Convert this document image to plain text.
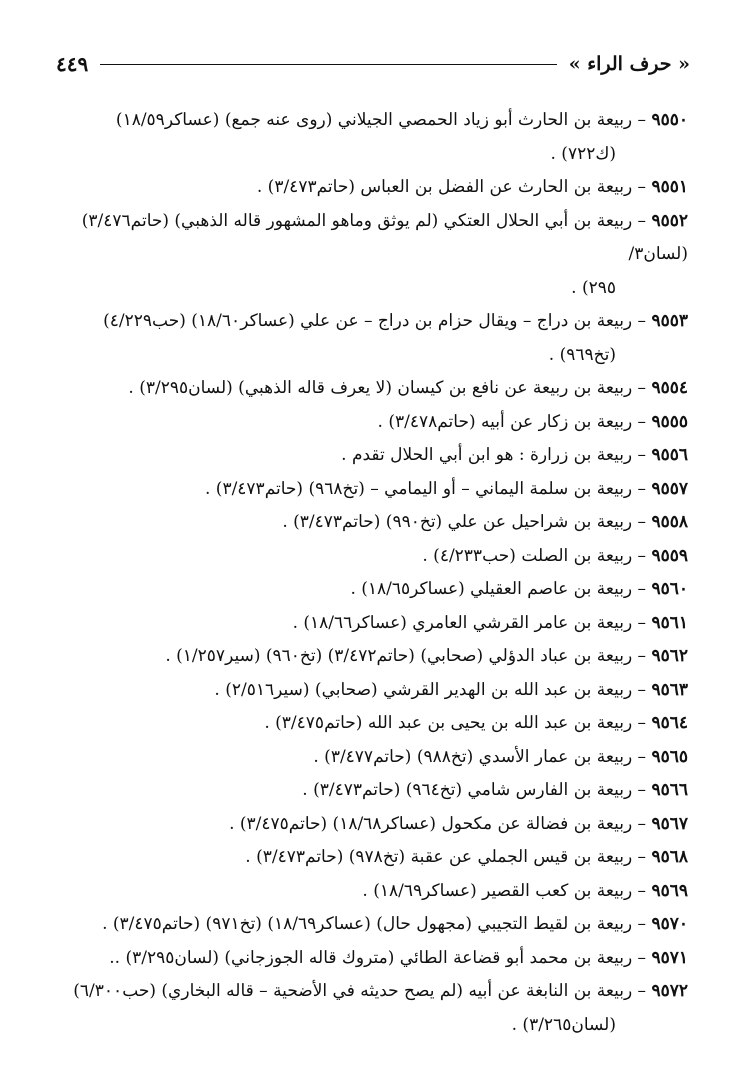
« حرف الراء »
٤٤٩
٩٥٥٠ – ربيعة بن الحارث أبو زياد الحمصي الجيلاني (روى عنه جمع) (عساكر١٨/٥٩)
(ك٧٢٢) .
٩٥٥١ – ربيعة بن الحارث عن الفضل بن العباس (حاتم٣/٤٧٣) .
٩٥٥٢ – ربيعة بن أبي الحلال العتكي (لم يوثق وماهو المشهور قاله الذهبي) (حاتم٣/٤٧٦) (لسان٣/
٢٩٥) .
٩٥٥٣ – ربيعة بن دراج – ويقال حزام بن دراج – عن علي (عساكر١٨/٦٠) (حب٤/٢٢٩)
(تخ٩٦٩) .
٩٥٥٤ – ربيعة بن ربيعة عن نافع بن كيسان (لا يعرف قاله الذهبي) (لسان٣/٢٩٥) .
٩٥٥٥ – ربيعة بن زكار عن أبيه (حاتم٣/٤٧٨) .
٩٥٥٦ – ربيعة بن زرارة : هو ابن أبي الحلال تقدم .
٩٥٥٧ – ربيعة بن سلمة اليماني – أو اليمامي – (تخ٩٦٨) (حاتم٣/٤٧٣) .
٩٥٥٨ – ربيعة بن شراحيل عن علي (تخ٩٩٠) (حاتم٣/٤٧٣) .
٩٥٥٩ – ربيعة بن الصلت (حب٤/٢٣٣) .
٩٥٦٠ – ربيعة بن عاصم العقيلي (عساكر١٨/٦٥) .
٩٥٦١ – ربيعة بن عامر القرشي العامري (عساكر١٨/٦٦) .
٩٥٦٢ – ربيعة بن عباد الدؤلي (صحابي) (حاتم٣/٤٧٢) (تخ٩٦٠) (سير١/٢٥٧) .
٩٥٦٣ – ربيعة بن عبد الله بن الهدير القرشي (صحابي) (سير٢/٥١٦) .
٩٥٦٤ – ربيعة بن عبد الله بن يحيى بن عبد الله (حاتم٣/٤٧٥) .
٩٥٦٥ – ربيعة بن عمار الأسدي (تخ٩٨٨) (حاتم٣/٤٧٧) .
٩٥٦٦ – ربيعة بن الفارس شامي (تخ٩٦٤) (حاتم٣/٤٧٣) .
٩٥٦٧ – ربيعة بن فضالة عن مكحول (عساكر١٨/٦٨) (حاتم٣/٤٧٥) .
٩٥٦٨ – ربيعة بن قيس الجملي عن عقبة (تخ٩٧٨) (حاتم٣/٤٧٣) .
٩٥٦٩ – ربيعة بن كعب القصير (عساكر١٨/٦٩) .
٩٥٧٠ – ربيعة بن لقيط التجيبي (مجهول حال) (عساكر١٨/٦٩) (تخ٩٧١) (حاتم٣/٤٧٥) .
٩٥٧١ – ربيعة بن محمد أبو قضاعة الطائي (متروك قاله الجوزجاني) (لسان٣/٢٩٥) ..
٩٥٧٢ – ربيعة بن النابغة عن أبيه (لم يصح حديثه في الأضحية – قاله البخاري) (حب٦/٣٠٠)
(لسان٣/٢٦٥) .
